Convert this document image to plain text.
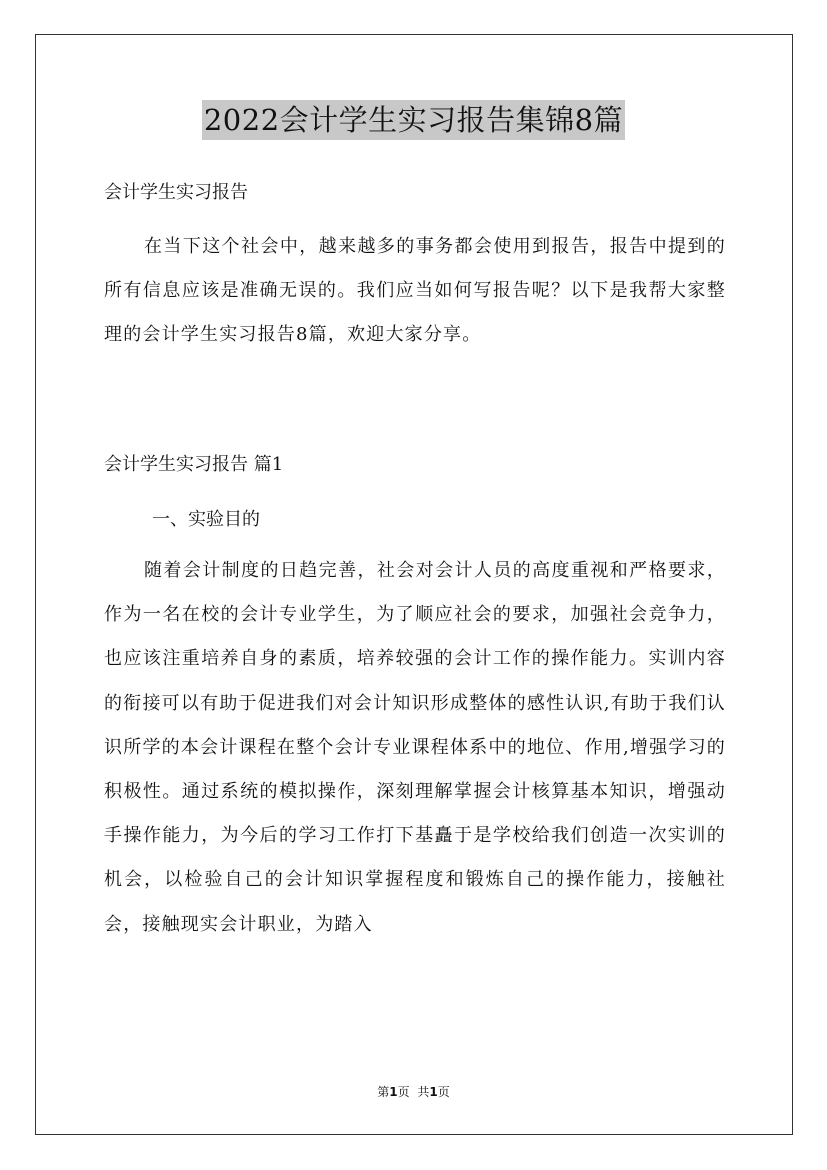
2022会计学生实习报告集锦8篇
会计学生实习报告

在当下这个社会中，越来越多的事务都会使用到报告，报告中提到的所有信息应该是准确无误的。我们应当如何写报告呢？以下是我帮大家整理的会计学生实习报告8篇，欢迎大家分享。

会计学生实习报告 篇1
一、实验目的

随着会计制度的日趋完善，社会对会计人员的高度重视和严格要求，作为一名在校的会计专业学生，为了顺应社会的要求，加强社会竞争力，也应该注重培养自身的素质，培养较强的会计工作的操作能力。实训内容的衔接可以有助于促进我们对会计知识形成整体的感性认识,有助于我们认识所学的本会计课程在整个会计专业课程体系中的地位、作用,增强学习的积极性。通过系统的模拟操作，深刻理解掌握会计核算基本知识，增强动手操作能力，为今后的学习工作打下基矗于是学校给我们创造一次实训的机会，以检验自己的会计知识掌握程度和锻炼自己的操作能力，接触社会，接触现实会计职业，为踏入

第1页 共1页
